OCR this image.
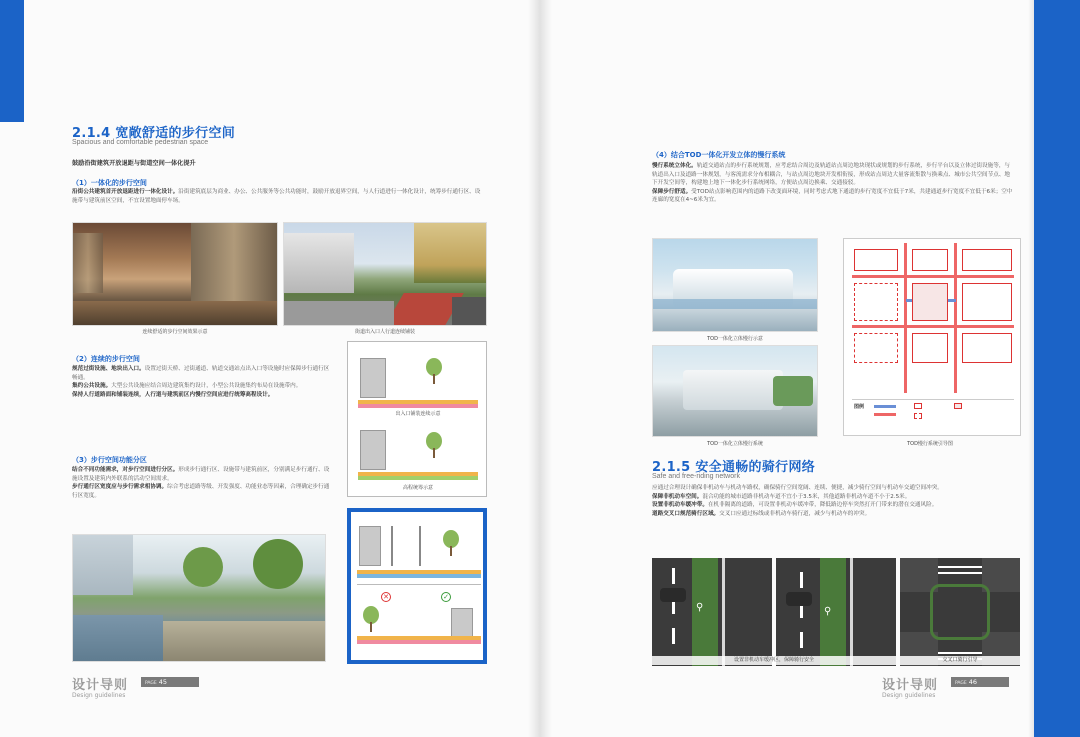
2.1.4 宽敞舒适的步行空间
Spacious and comfortable pedestrian space
鼓励沿街建筑开放退距与街道空间一体化提升
（1）一体化的步行空间
沿街公共建筑首开放退距进行一体化设计。沿街建筑底层为商业、办公、公共服务等公共功能时，鼓励开放退界空间，与人行道进行一体化设计，统筹步行通行区、设施带与建筑前区空间，不宜设置地面停车场。
连续舒适的步行空间效果示意	街道出入口人行道连续铺装
（2）连续的步行空间
规范过街设施、地块出入口。设置过街天桥、过街通道、轨道交通站点出入口等设施时应保障步行通行区畅通。
集约公共设施。大型公共设施应结合周边建筑集约设计，小型公共设施集约布局在设施带内。
保持人行道路面和铺装连续，人行道与建筑前区内慢行空间应进行统筹高程设计。
出入口铺装连续示意
高程统筹示意
（3）步行空间功能分区
结合不同功能需求，对步行空间进行分区。形成步行通行区、设施带与建筑前区，分别满足步行通行、设施设置及建筑内外联系的活动空间需求。
步行通行区宽度应与步行需求相协调。综合考虑道路等级、开发强度、功能业态等因素，合理确定步行通行区宽度。
✕	✓
设计导则
Design guidelines
PAGE 45
（4）结合TOD一体化开发立体的慢行系统
慢行系统立体化。轨道交通站点的步行系统规划，应考虑结合周边及轨道站点周边地块现状或规划的步行系统，步行平台以及立体过街设施等，与轨道出入口及道路一体规划，与客流需求分布相耦合，与站点周边地块开发相衔接，形成站点周边大量客流集散与换乘点、城市公共空间节点、地下开发空间等，构建地上地下一体化步行系统网络，方便站点周边换乘、交通接驳。
保障步行舒适。受TOD站点影响范围内的道路下改变面环境，同时考虑式地下通道的步行宽度不宜低于7米，共建通道步行宽度不宜低于6米；空中连廊的宽度在4~6米为宜。
TOD一体化立体慢行示意
TOD一体化立体慢行系统
图例
TOD慢行系统引导图
2.1.5 安全通畅的骑行网络
Safe and free-riding network
应通过合理设计确保非机动车与机动车路权，确保骑行空间宽阔、连续、便捷，减少骑行空间与机动车交通空间冲突。
保障非机动车空间。混合功能的城市道路非机动车道不宜小于3.5米，其他道路非机动车道不小于2.5米。
设置非机动车缓冲带。在机非隔离的道路，可设置非机动车缓冲带，降低路边停车突然打开门带来的潜在交通风险。
道路交叉口规范骑行区域。交叉口应通过标线或非机动车骑行道，减少与机动车的冲突。
⚲	⚲
设置非机动车缓冲区，保障骑行安全	交叉口骑行引导
设计导则
Design guidelines
PAGE 46
